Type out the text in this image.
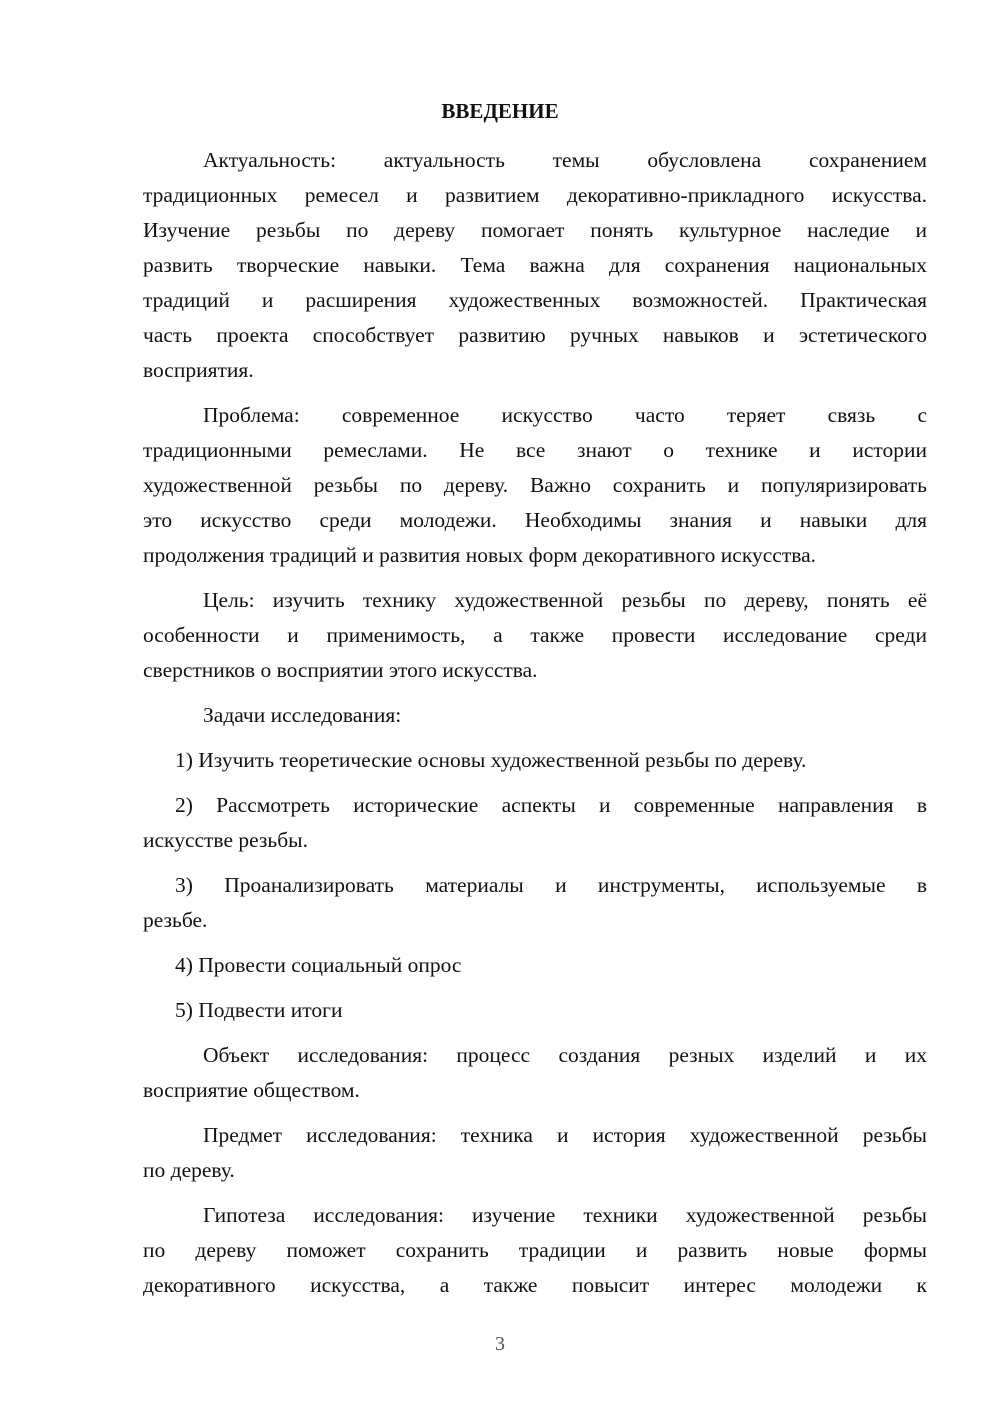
ВВЕДЕНИЕ
Актуальность: актуальность темы обусловлена сохранением
традиционных ремесел и развитием декоративно-прикладного искусства.
Изучение резьбы по дереву помогает понять культурное наследие и
развить творческие навыки. Тема важна для сохранения национальных
традиций и расширения художественных возможностей. Практическая
часть проекта способствует развитию ручных навыков и эстетического
восприятия.
Проблема: современное искусство часто теряет связь с
традиционными ремеслами. Не все знают о технике и истории
художественной резьбы по дереву. Важно сохранить и популяризировать
это искусство среди молодежи. Необходимы знания и навыки для
продолжения традиций и развития новых форм декоративного искусства.
Цель: изучить технику художественной резьбы по дереву, понять её
особенности и применимость, а также провести исследование среди
сверстников о восприятии этого искусства.
Задачи исследования:
1) Изучить теоретические основы художественной резьбы по дереву.
2) Рассмотреть исторические аспекты и современные направления в
искусстве резьбы.
3) Проанализировать материалы и инструменты, используемые в
резьбе.
4) Провести социальный опрос
5) Подвести итоги
Объект исследования: процесс создания резных изделий и их
восприятие обществом.
Предмет исследования: техника и история художественной резьбы
по дереву.
Гипотеза исследования: изучение техники художественной резьбы
по дереву поможет сохранить традиции и развить новые формы
декоративного искусства, а также повысит интерес молодежи к
3
